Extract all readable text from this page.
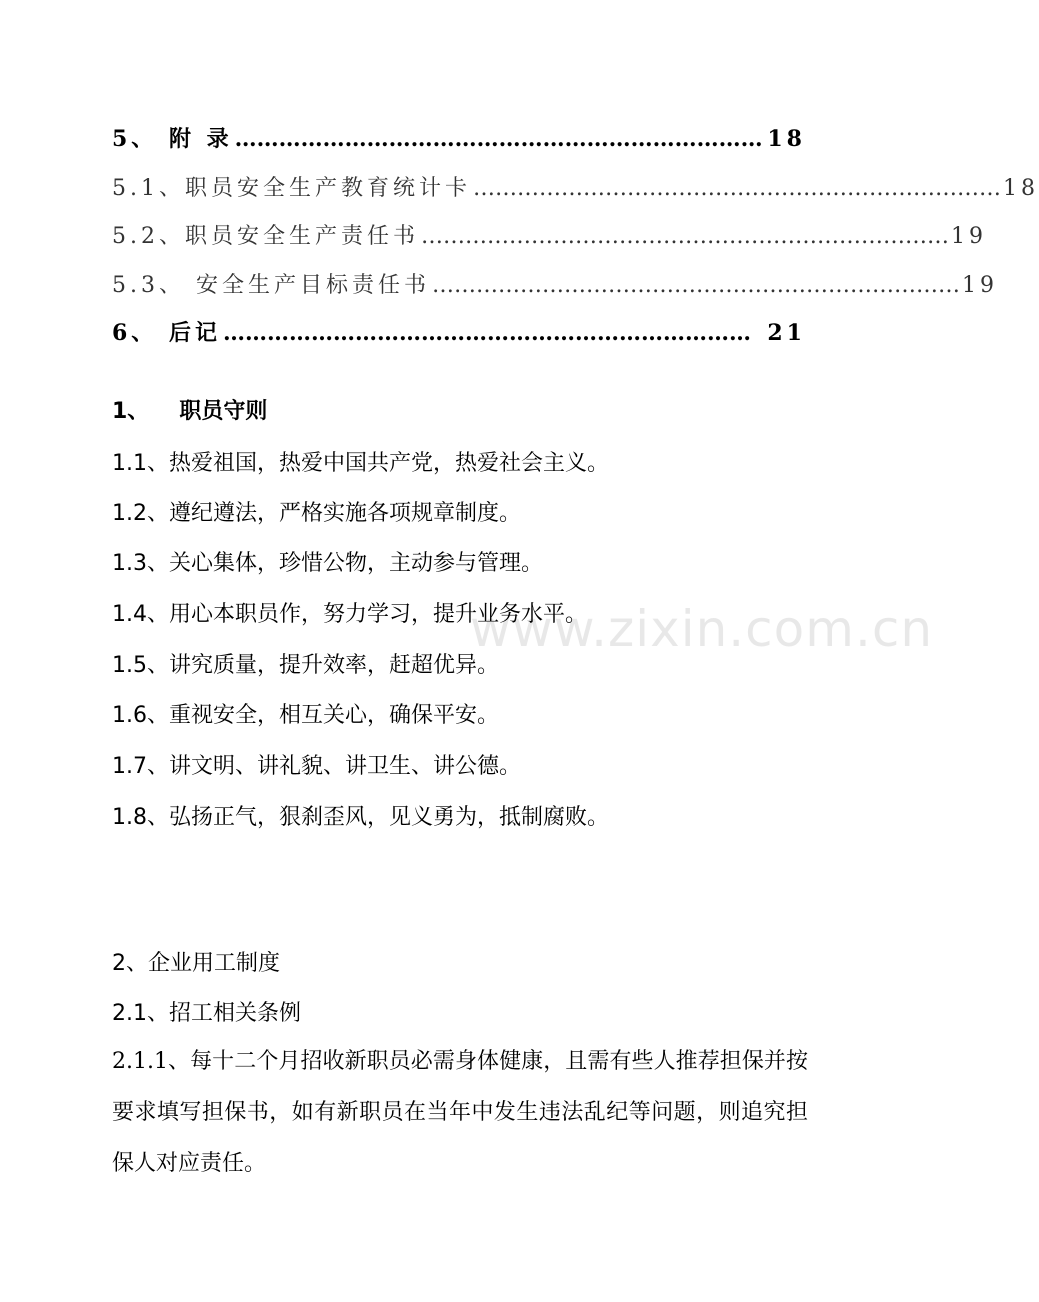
5、 附 录 ……………………………………………………………… 18
5.1、职员安全生产教育统计卡 ……………………………………………………………… 18
5.2、职员安全生产责任书 ……………………………………………………………… 19
5.3、 安全生产目标责任书 ……………………………………………………………… 19
6、 后记 ……………………………………………………………… 21
1、 职员守则
1.1、热爱祖国，热爱中国共产党，热爱社会主义。
1.2、遵纪遵法，严格实施各项规章制度。
1.3、关心集体，珍惜公物，主动参与管理。
1.4、用心本职员作，努力学习，提升业务水平。
1.5、讲究质量，提升效率，赶超优异。
1.6、重视安全，相互关心，确保平安。
1.7、讲文明、讲礼貌、讲卫生、讲公德。
1.8、弘扬正气，狠刹歪风，见义勇为，抵制腐败。
2、企业用工制度
2.1、招工相关条例
2.1.1、每十二个月招收新职员必需身体健康，且需有些人推荐担保并按要求填写担保书，如有新职员在当年中发生违法乱纪等问题，则追究担保人对应责任。
www.zixin.com.cn
